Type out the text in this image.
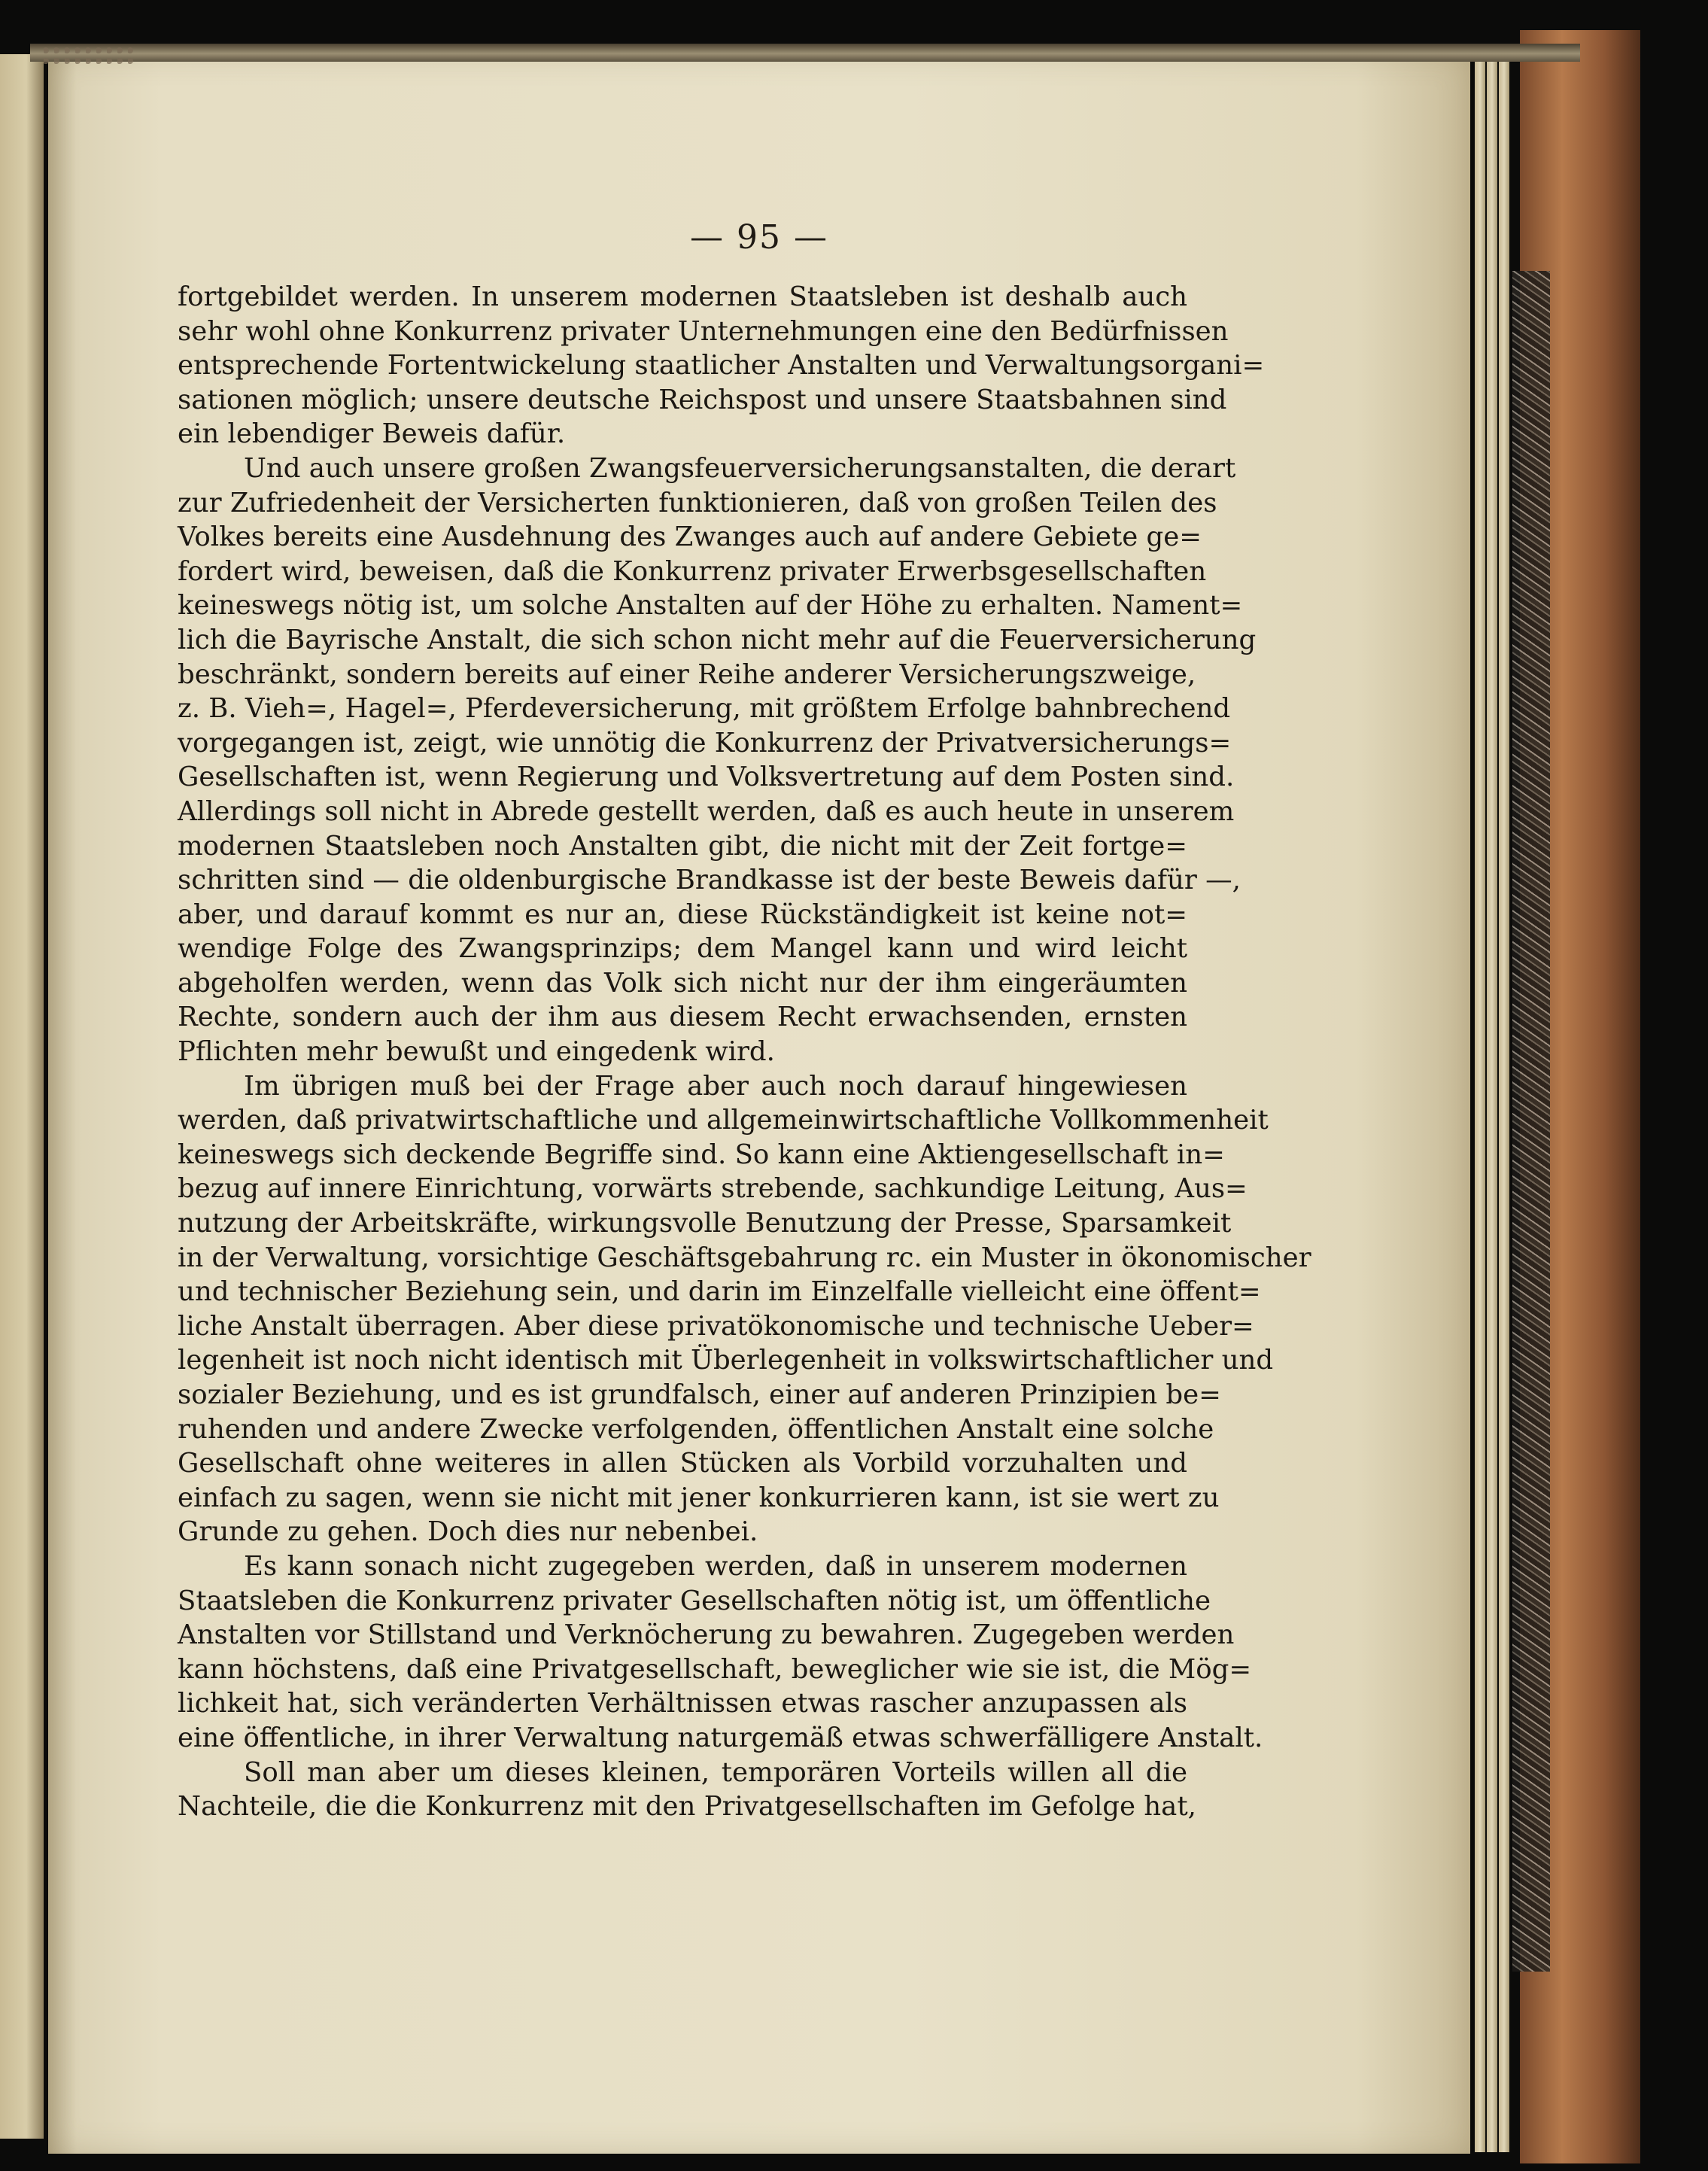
— 95 —
fortgebildet werden. In unserem modernen Staatsleben ist deshalb auch
sehr wohl ohne Konkurrenz privater Unternehmungen eine den Bedürfnissen
entsprechende Fortentwickelung staatlicher Anstalten und Verwaltungsorgani=
sationen möglich; unsere deutsche Reichspost und unsere Staatsbahnen sind
ein lebendiger Beweis dafür.
Und auch unsere großen Zwangsfeuerversicherungsanstalten, die derart
zur Zufriedenheit der Versicherten funktionieren, daß von großen Teilen des
Volkes bereits eine Ausdehnung des Zwanges auch auf andere Gebiete ge=
fordert wird, beweisen, daß die Konkurrenz privater Erwerbsgesellschaften
keineswegs nötig ist, um solche Anstalten auf der Höhe zu erhalten. Nament=
lich die Bayrische Anstalt, die sich schon nicht mehr auf die Feuerversicherung
beschränkt, sondern bereits auf einer Reihe anderer Versicherungszweige,
z. B. Vieh=, Hagel=, Pferdeversicherung, mit größtem Erfolge bahnbrechend
vorgegangen ist, zeigt, wie unnötig die Konkurrenz der Privatversicherungs=
Gesellschaften ist, wenn Regierung und Volksvertretung auf dem Posten sind.
Allerdings soll nicht in Abrede gestellt werden, daß es auch heute in unserem
modernen Staatsleben noch Anstalten gibt, die nicht mit der Zeit fortge=
schritten sind — die oldenburgische Brandkasse ist der beste Beweis dafür —,
aber, und darauf kommt es nur an, diese Rückständigkeit ist keine not=
wendige Folge des Zwangsprinzips; dem Mangel kann und wird leicht
abgeholfen werden, wenn das Volk sich nicht nur der ihm eingeräumten
Rechte, sondern auch der ihm aus diesem Recht erwachsenden, ernsten
Pflichten mehr bewußt und eingedenk wird.
Im übrigen muß bei der Frage aber auch noch darauf hingewiesen
werden, daß privatwirtschaftliche und allgemeinwirtschaftliche Vollkommenheit
keineswegs sich deckende Begriffe sind. So kann eine Aktiengesellschaft in=
bezug auf innere Einrichtung, vorwärts strebende, sachkundige Leitung, Aus=
nutzung der Arbeitskräfte, wirkungsvolle Benutzung der Presse, Sparsamkeit
in der Verwaltung, vorsichtige Geschäftsgebahrung rc. ein Muster in ökonomischer
und technischer Beziehung sein, und darin im Einzelfalle vielleicht eine öffent=
liche Anstalt überragen. Aber diese privatökonomische und technische Ueber=
legenheit ist noch nicht identisch mit Überlegenheit in volkswirtschaftlicher und
sozialer Beziehung, und es ist grundfalsch, einer auf anderen Prinzipien be=
ruhenden und andere Zwecke verfolgenden, öffentlichen Anstalt eine solche
Gesellschaft ohne weiteres in allen Stücken als Vorbild vorzuhalten und
einfach zu sagen, wenn sie nicht mit jener konkurrieren kann, ist sie wert zu
Grunde zu gehen. Doch dies nur nebenbei.
Es kann sonach nicht zugegeben werden, daß in unserem modernen
Staatsleben die Konkurrenz privater Gesellschaften nötig ist, um öffentliche
Anstalten vor Stillstand und Verknöcherung zu bewahren. Zugegeben werden
kann höchstens, daß eine Privatgesellschaft, beweglicher wie sie ist, die Mög=
lichkeit hat, sich veränderten Verhältnissen etwas rascher anzupassen als
eine öffentliche, in ihrer Verwaltung naturgemäß etwas schwerfälligere Anstalt.
Soll man aber um dieses kleinen, temporären Vorteils willen all die
Nachteile, die die Konkurrenz mit den Privatgesellschaften im Gefolge hat,
